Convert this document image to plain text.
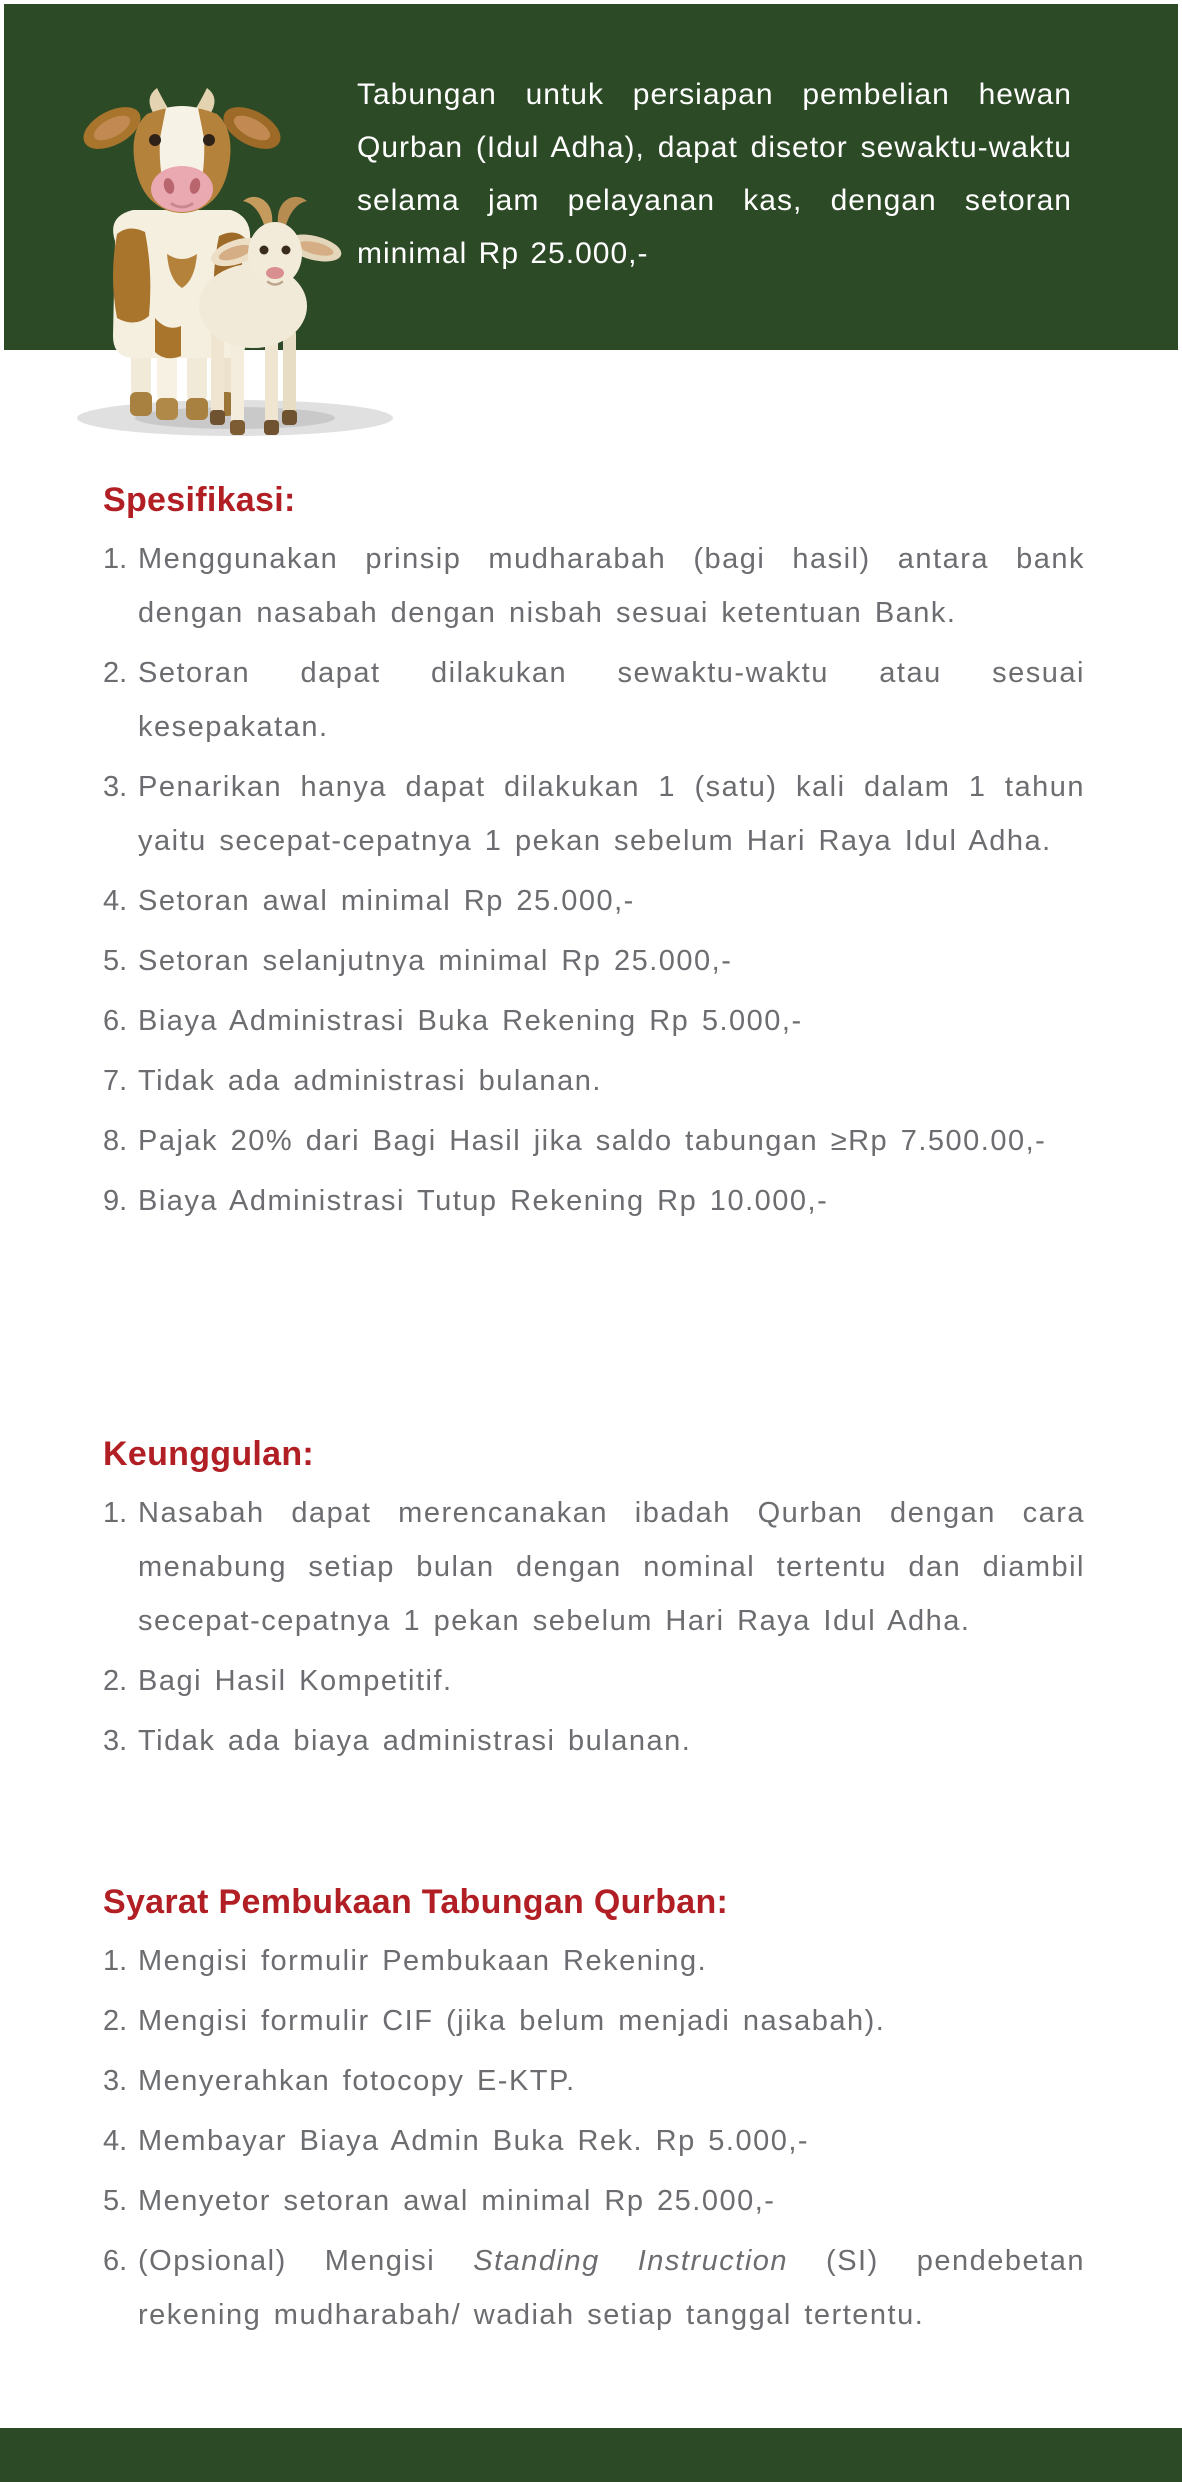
Tabungan untuk persiapan pembelian hewan Qurban (Idul Adha), dapat disetor sewaktu-waktu selama jam pelayanan kas, dengan setoran minimal Rp 25.000,-

Spesifikasi:
1. Menggunakan prinsip mudharabah (bagi hasil) antara bank dengan nasabah dengan nisbah sesuai ketentuan Bank.
2. Setoran dapat dilakukan sewaktu-waktu atau sesuai kesepakatan.
3. Penarikan hanya dapat dilakukan 1 (satu) kali dalam 1 tahun yaitu secepat-cepatnya 1 pekan sebelum Hari Raya Idul Adha.
4. Setoran awal minimal Rp 25.000,-
5. Setoran selanjutnya minimal Rp 25.000,-
6. Biaya Administrasi Buka Rekening Rp 5.000,-
7. Tidak ada administrasi bulanan.
8. Pajak 20% dari Bagi Hasil jika saldo tabungan ≥Rp 7.500.00,-
9. Biaya Administrasi Tutup Rekening Rp 10.000,-
Keunggulan:
1. Nasabah dapat merencanakan ibadah Qurban dengan cara menabung setiap bulan dengan nominal tertentu dan diambil secepat-cepatnya 1 pekan sebelum Hari Raya Idul Adha.
2. Bagi Hasil Kompetitif.
3. Tidak ada biaya administrasi bulanan.
Syarat Pembukaan Tabungan Qurban:
1. Mengisi formulir Pembukaan Rekening.
2. Mengisi formulir CIF (jika belum menjadi nasabah).
3. Menyerahkan fotocopy E-KTP.
4. Membayar Biaya Admin Buka Rek. Rp 5.000,-
5. Menyetor setoran awal minimal Rp 25.000,-
6. (Opsional) Mengisi Standing Instruction (SI) pendebetan rekening mudharabah/ wadiah setiap tanggal tertentu.
